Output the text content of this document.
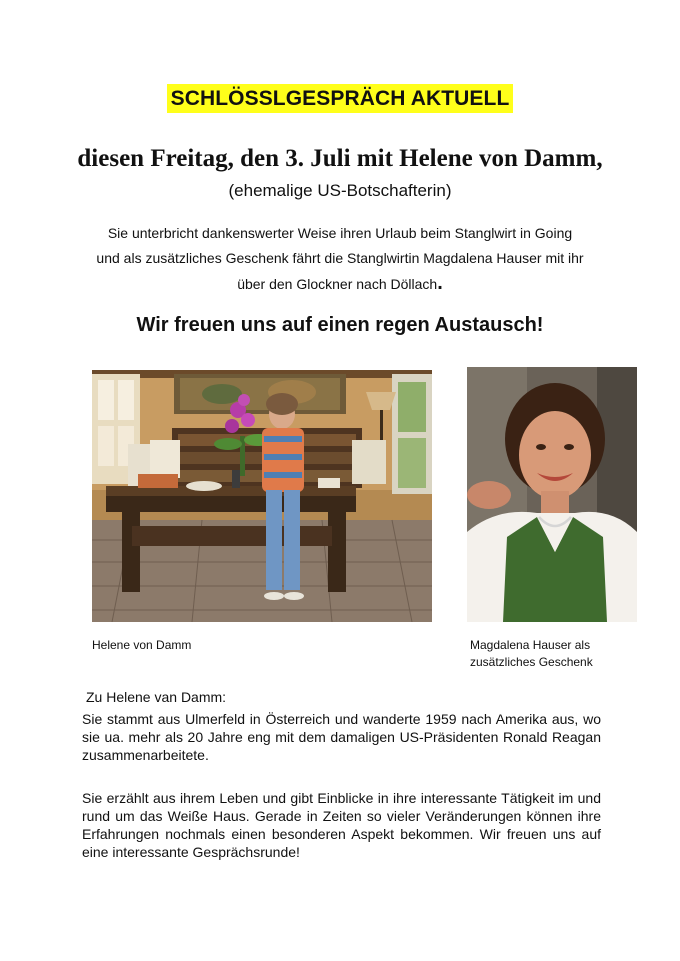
SCHLÖSSLGESPRÄCH AKTUELL
diesen Freitag, den 3. Juli mit Helene von Damm, (ehemalige US-Botschafterin)
Sie unterbricht dankenswerter Weise ihren Urlaub beim Stanglwirt in Going
und als zusätzliches Geschenk fährt die Stanglwirtin Magdalena Hauser mit ihr
über den Glockner nach Döllach.
Wir freuen uns auf einen regen Austausch!
Helene von Damm	Magdalena Hauser als
zusätzliches Geschenk
Zu Helene van Damm:
Sie stammt aus Ulmerfeld in Österreich und wanderte 1959 nach Amerika aus, wo sie ua. mehr als 20 Jahre eng mit dem damaligen US-Präsidenten Ronald Reagan zusammenarbeitete.
Sie erzählt aus ihrem Leben und gibt Einblicke in ihre interessante Tätigkeit im und rund um das Weiße Haus. Gerade in Zeiten so vieler Veränderungen können ihre Erfahrungen nochmals einen besonderen Aspekt bekommen. Wir freuen uns auf eine interessante Gesprächsrunde!
